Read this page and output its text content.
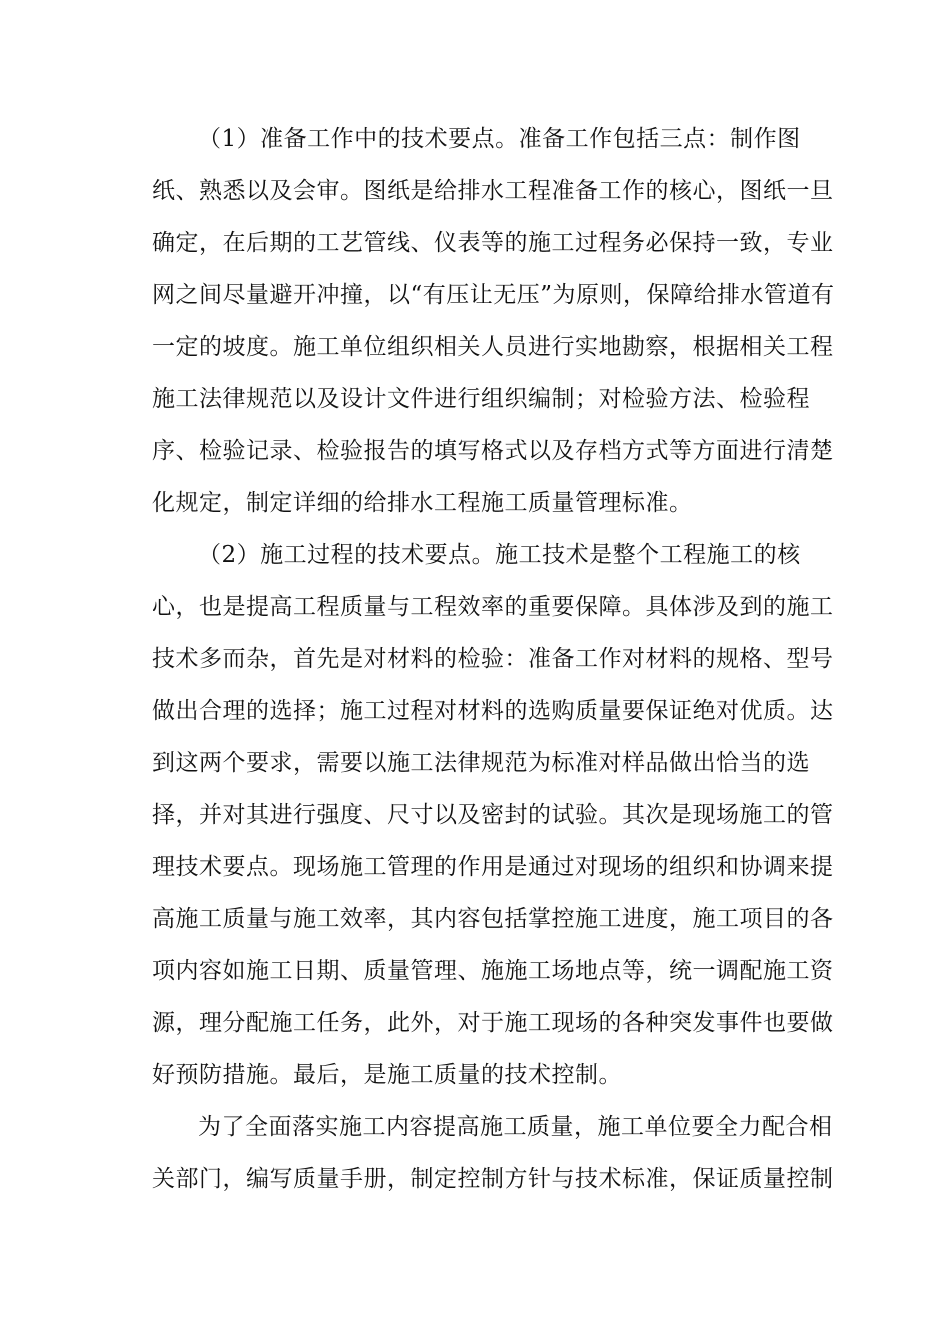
（1）准备工作中的技术要点。准备工作包括三点：制作图
纸、熟悉以及会审。图纸是给排水工程准备工作的核心，图纸一旦
确定，在后期的工艺管线、仪表等的施工过程务必保持一致，专业
网之间尽量避开冲撞，以“有压让无压”为原则，保障给排水管道有
一定的坡度。施工单位组织相关人员进行实地勘察，根据相关工程
施工法律规范以及设计文件进行组织编制；对检验方法、检验程
序、检验记录、检验报告的填写格式以及存档方式等方面进行清楚
化规定，制定详细的给排水工程施工质量管理标准。
（2）施工过程的技术要点。施工技术是整个工程施工的核
心，也是提高工程质量与工程效率的重要保障。具体涉及到的施工
技术多而杂，首先是对材料的检验：准备工作对材料的规格、型号
做出合理的选择；施工过程对材料的选购质量要保证绝对优质。达
到这两个要求，需要以施工法律规范为标准对样品做出恰当的选
择，并对其进行强度、尺寸以及密封的试验。其次是现场施工的管
理技术要点。现场施工管理的作用是通过对现场的组织和协调来提
高施工质量与施工效率，其内容包括掌控施工进度，施工项目的各
项内容如施工日期、质量管理、施施工场地点等，统一调配施工资
源，理分配施工任务，此外，对于施工现场的各种突发事件也要做
好预防措施。最后，是施工质量的技术控制。
为了全面落实施工内容提高施工质量，施工单位要全力配合相
关部门，编写质量手册，制定控制方针与技术标准，保证质量控制
